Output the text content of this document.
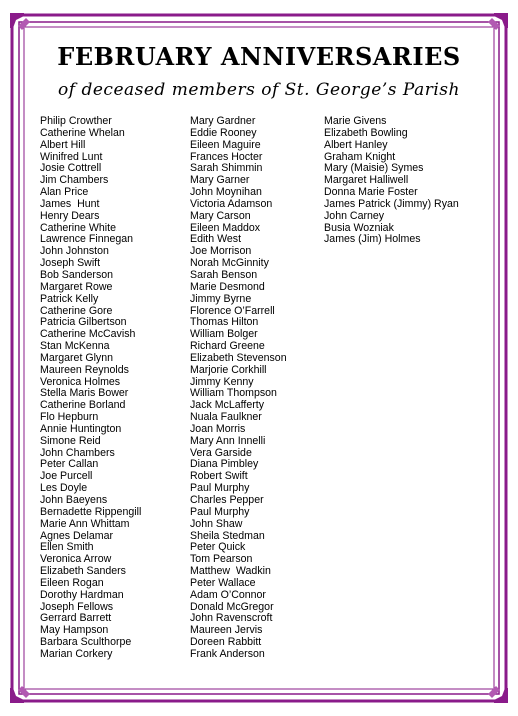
FEBRUARY ANNIVERSARIES
of deceased members of St. George’s Parish
Philip Crowther
Catherine Whelan
Albert Hill
Winifred Lunt
Josie Cottrell
Jim Chambers
Alan Price
James  Hunt
Henry Dears
Catherine White
Lawrence Finnegan
John Johnston
Joseph Swift
Bob Sanderson
Margaret Rowe
Patrick Kelly
Catherine Gore
Patricia Gilbertson
Catherine McCavish
Stan McKenna
Margaret Glynn
Maureen Reynolds
Veronica Holmes
Stella Maris Bower
Catherine Borland
Flo Hepburn
Annie Huntington
Simone Reid
John Chambers
Peter Callan
Joe Purcell
Les Doyle
John Baeyens
Bernadette Rippengill
Marie Ann Whittam
Agnes Delamar
Ellen Smith
Veronica Arrow
Elizabeth Sanders
Eileen Rogan
Dorothy Hardman
Joseph Fellows
Gerrard Barrett
May Hampson
Barbara Sculthorpe
Marian Corkery
Mary Gardner
Eddie Rooney
Eileen Maguire
Frances Hocter
Sarah Shimmin
Mary Garner
John Moynihan
Victoria Adamson
Mary Carson
Eileen Maddox
Edith West
Joe Morrison
Norah McGinnity
Sarah Benson
Marie Desmond
Jimmy Byrne
Florence O’Farrell
Thomas Hilton
William Bolger
Richard Greene
Elizabeth Stevenson
Marjorie Corkhill
Jimmy Kenny
William Thompson
Jack McLafferty
Nuala Faulkner
Joan Morris
Mary Ann Innelli
Vera Garside
Diana Pimbley
Robert Swift
Paul Murphy
Charles Pepper
Paul Murphy
John Shaw
Sheila Stedman
Peter Quick
Tom Pearson
Matthew  Wadkin
Peter Wallace
Adam O’Connor
Donald McGregor
John Ravenscroft
Maureen Jervis
Doreen Rabbitt
Frank Anderson
Marie Givens
Elizabeth Bowling
Albert Hanley
Graham Knight
Mary (Maisie) Symes
Margaret Halliwell
Donna Marie Foster
James Patrick (Jimmy) Ryan
John Carney
Busia Wozniak
James (Jim) Holmes
